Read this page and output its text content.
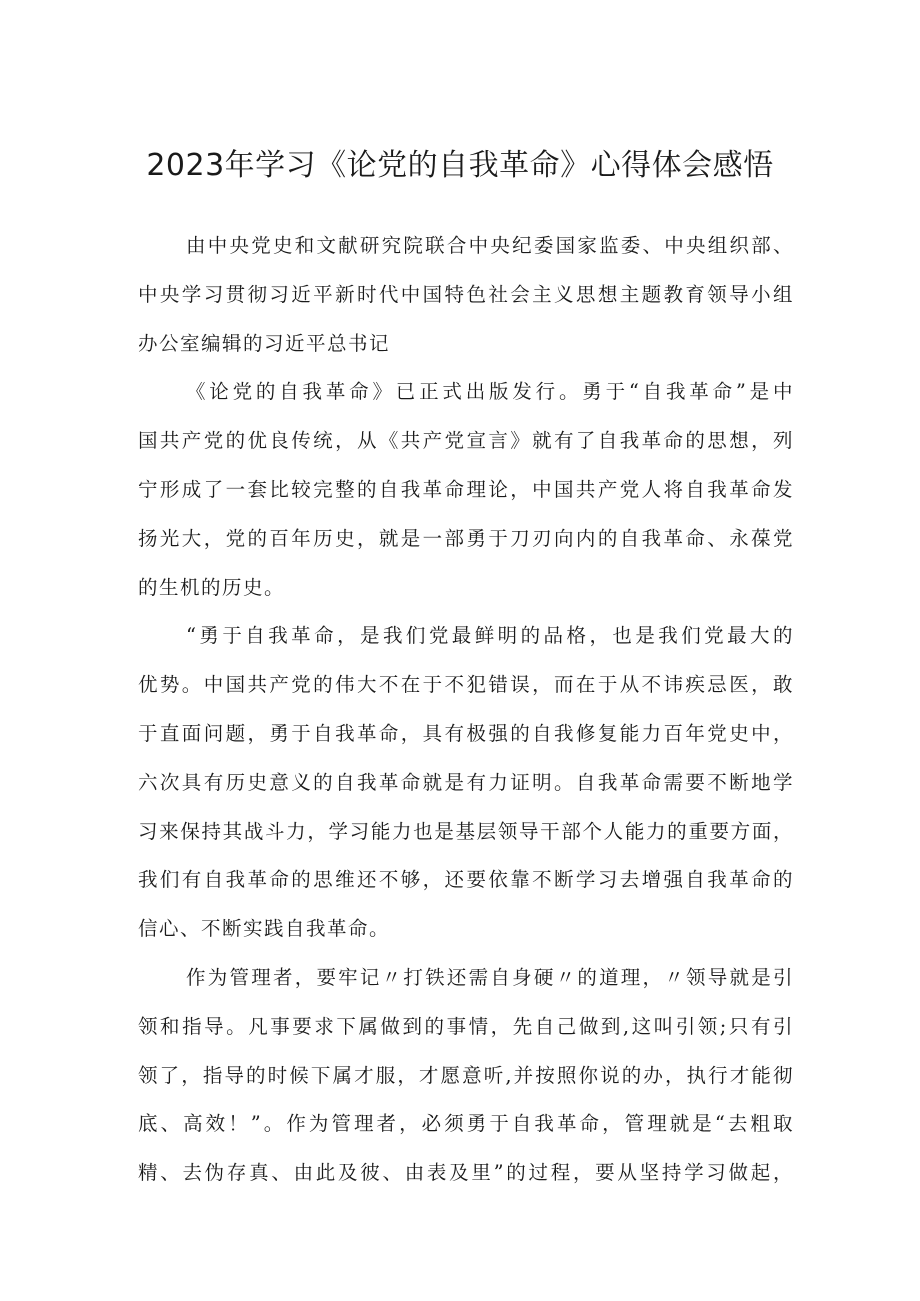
2023年学习《论党的自我革命》心得体会感悟

由中央党史和文献研究院联合中央纪委国家监委、中央组织部、
中央学习贯彻习近平新时代中国特色社会主义思想主题教育领导小组
办公室编辑的习近平总书记

《论党的自我革命》已正式出版发行。勇于“自我革命”是中
国共产党的优良传统，从《共产党宣言》就有了自我革命的思想，列
宁形成了一套比较完整的自我革命理论，中国共产党人将自我革命发
扬光大，党的百年历史，就是一部勇于刀刃向内的自我革命、永葆党
的生机的历史。

“勇于自我革命，是我们党最鲜明的品格，也是我们党最大的
优势。中国共产党的伟大不在于不犯错误，而在于从不讳疾忌医，敢
于直面问题，勇于自我革命，具有极强的自我修复能力百年党史中，
六次具有历史意义的自我革命就是有力证明。自我革命需要不断地学
习来保持其战斗力，学习能力也是基层领导干部个人能力的重要方面，
我们有自我革命的思维还不够，还要依靠不断学习去增强自我革命的
信心、不断实践自我革命。

作为管理者，要牢记〃打铁还需自身硬〃的道理，〃领导就是引
领和指导。凡事要求下属做到的事情，先自己做到,这叫引领;只有引
领了，指导的时候下属才服，才愿意听,并按照你说的办，执行才能彻
底、高效！”。作为管理者，必须勇于自我革命，管理就是“去粗取
精、去伪存真、由此及彼、由表及里”的过程，要从坚持学习做起，
